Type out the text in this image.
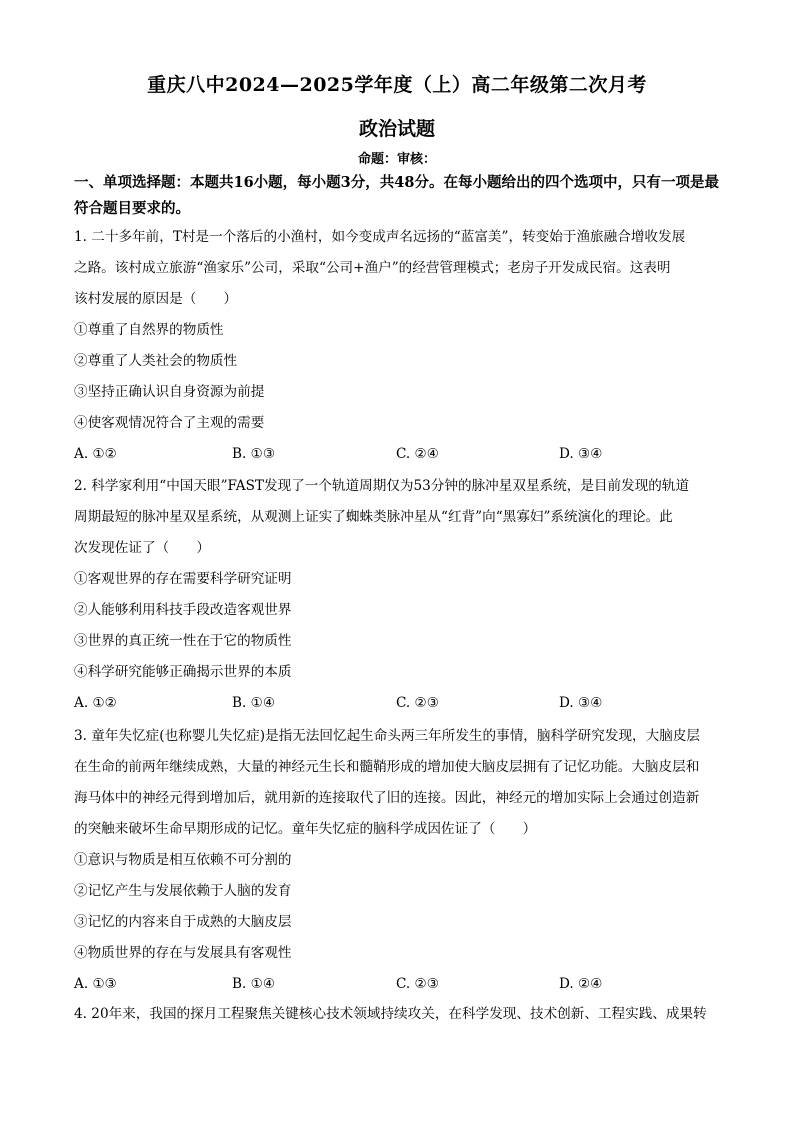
重庆八中2024—2025学年度（上）高二年级第二次月考
政治试题
命题：审核：
一、单项选择题：本题共16小题，每小题3分，共48分。在每小题给出的四个选项中，只有一项是最符合题目要求的。

1. 二十多年前，T村是一个落后的小渔村，如今变成声名远扬的“蓝富美”，转变始于渔旅融合增收发展

之路。该村成立旅游“渔家乐”公司，采取“公司+渔户”的经营管理模式；老房子开发成民宿。这表明

该村发展的原因是（　　）

①尊重了自然界的物质性

②尊重了人类社会的物质性

③坚持正确认识自身资源为前提

④使客观情况符合了主观的需要

A. ①②	B. ①③	C. ②④	D. ③④

2. 科学家利用“中国天眼”FAST发现了一个轨道周期仅为53分钟的脉冲星双星系统，是目前发现的轨道

周期最短的脉冲星双星系统，从观测上证实了蜘蛛类脉冲星从“红背”向“黑寡妇”系统演化的理论。此

次发现佐证了（　　）

①客观世界的存在需要科学研究证明

②人能够利用科技手段改造客观世界

③世界的真正统一性在于它的物质性

④科学研究能够正确揭示世界的本质

A. ①②	B. ①④	C. ②③	D. ③④

3. 童年失忆症(也称婴儿失忆症)是指无法回忆起生命头两三年所发生的事情，脑科学研究发现，大脑皮层

在生命的前两年继续成熟，大量的神经元生长和髓鞘形成的增加使大脑皮层拥有了记忆功能。大脑皮层和

海马体中的神经元得到增加后，就用新的连接取代了旧的连接。因此，神经元的增加实际上会通过创造新

的突触来破坏生命早期形成的记忆。童年失忆症的脑科学成因佐证了（　　）

①意识与物质是相互依赖不可分割的

②记忆产生与发展依赖于人脑的发育

③记忆的内容来自于成熟的大脑皮层

④物质世界的存在与发展具有客观性

A. ①③	B. ①④	C. ②③	D. ②④

4. 20年来，我国的探月工程聚焦关键核心技术领域持续攻关，在科学发现、技术创新、工程实践、成果转
